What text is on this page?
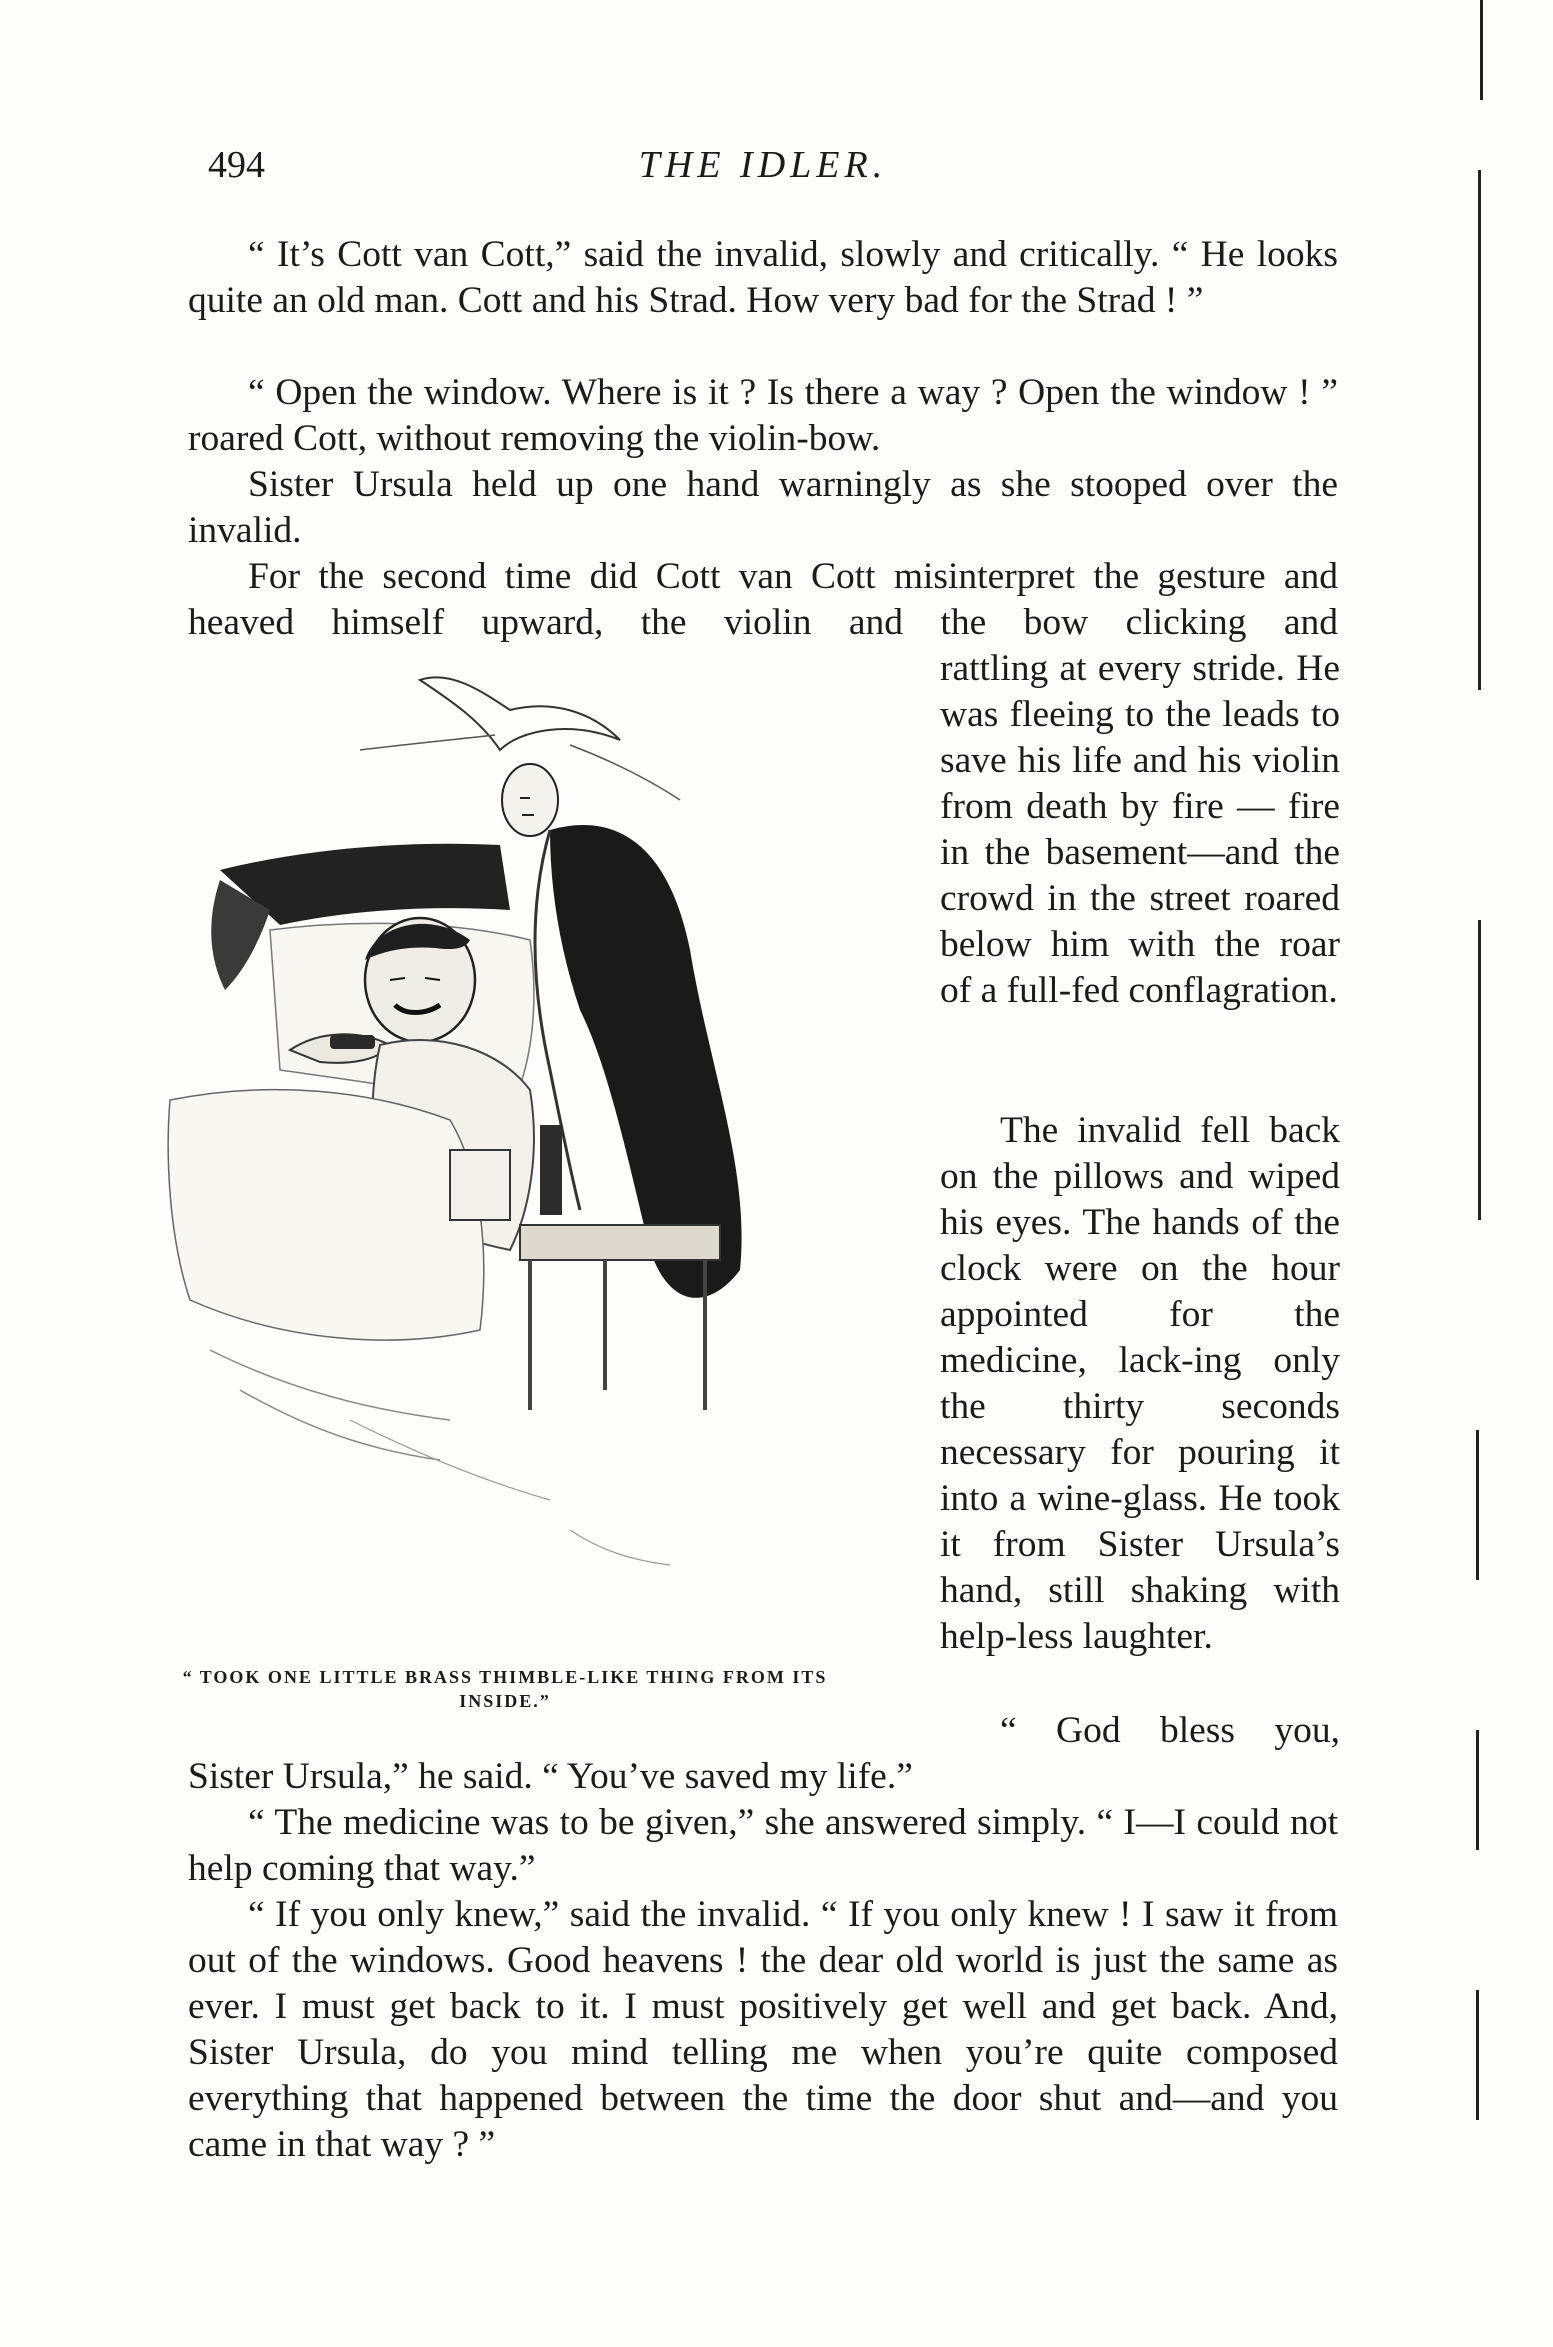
494	THE IDLER.

“ It’s Cott van Cott,” said the invalid, slowly and critically. “ He looks quite an old man. Cott and his Strad. How very bad for the Strad ! ”

“ Open the window. Where is it ? Is there a way ? Open the window ! ” roared Cott, without removing the violin-bow.

Sister Ursula held up one hand warningly as she stooped over the invalid.

For the second time did Cott van Cott misinterpret the gesture and heaved himself upward, the violin and the bow clicking and

“ TOOK ONE LITTLE BRASS THIMBLE-LIKE THING FROM ITS INSIDE.”

rattling at every stride. He was fleeing to the leads to save his life and his violin from death by fire — fire in the basement—and the crowd in the street roared below him with the roar of a full-fed conflagration.

The invalid fell back on the pillows and wiped his eyes. The hands of the clock were on the hour appointed for the medicine, lack-ing only the thirty seconds necessary for pouring it into a wine-glass. He took it from Sister Ursula’s hand, still shaking with help-less laughter.

“ God bless you,

Sister Ursula,” he said. “ You’ve saved my life.”

“ The medicine was to be given,” she answered simply. “ I—I could not help coming that way.”

“ If you only knew,” said the invalid. “ If you only knew ! I saw it from out of the windows. Good heavens ! the dear old world is just the same as ever. I must get back to it. I must positively get well and get back. And, Sister Ursula, do you mind telling me when you’re quite composed everything that happened between the time the door shut and—and you came in that way ? ”
